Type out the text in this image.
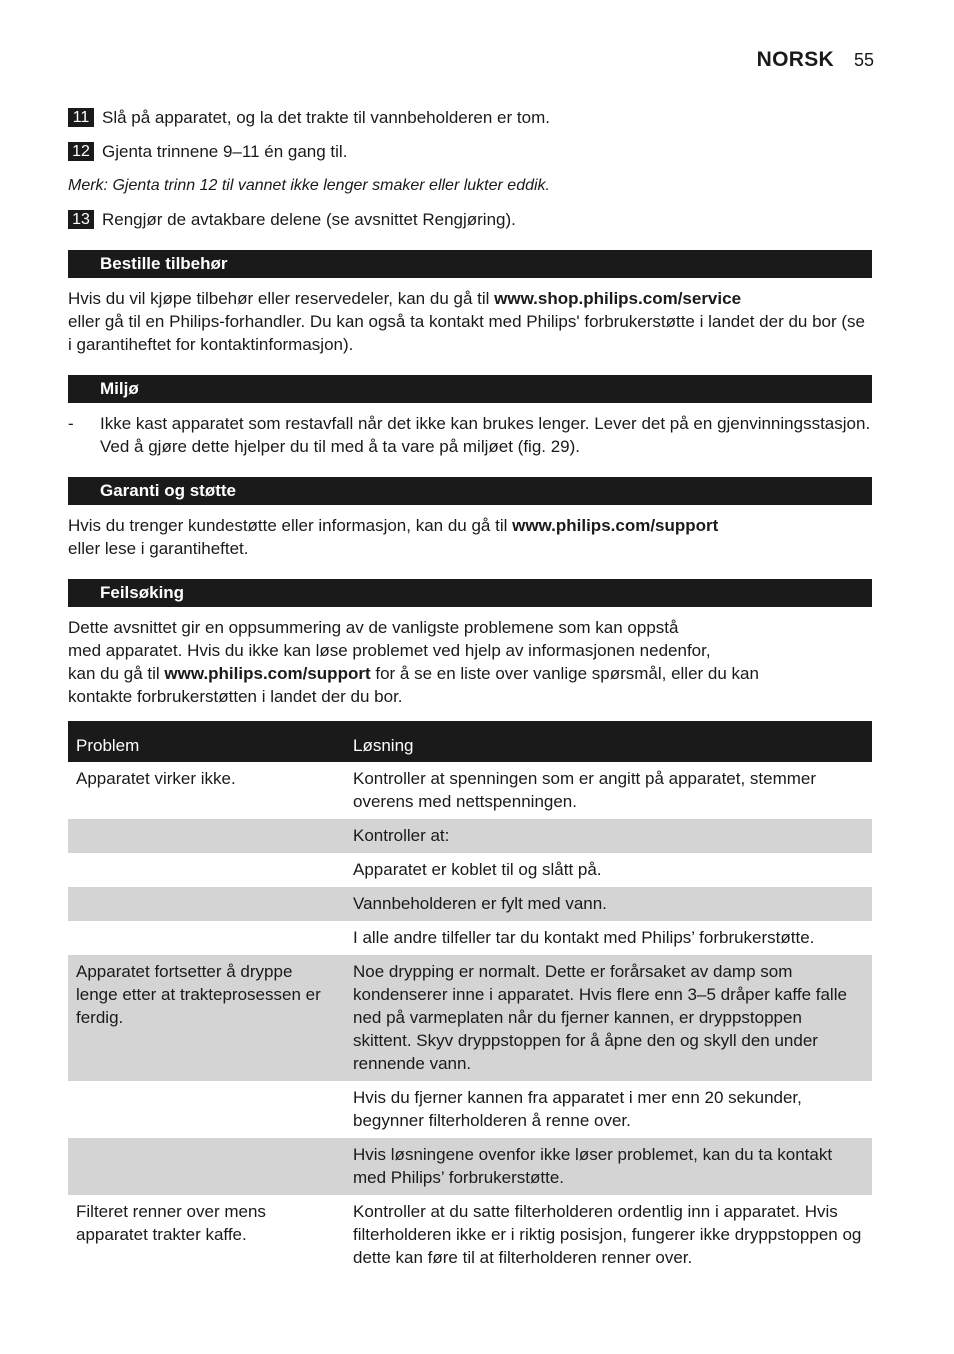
NORSK 55
11 Slå på apparatet, og la det trakte til vannbeholderen er tom.
12 Gjenta trinnene 9–11 én gang til.
Merk: Gjenta trinn 12 til vannet ikke lenger smaker eller lukter eddik.
13 Rengjør de avtakbare delene (se avsnittet Rengjøring).
Bestille tilbehør

Hvis du vil kjøpe tilbehør eller reservedeler, kan du gå til www.shop.philips.com/service
eller gå til en Philips-forhandler. Du kan også ta kontakt med Philips' forbrukerstøtte i landet der du bor (se i garantiheftet for kontaktinformasjon).

Miljø
-	Ikke kast apparatet som restavfall når det ikke kan brukes lenger. Lever det på en gjenvinningsstasjon. Ved å gjøre dette hjelper du til med å ta vare på miljøet (fig. 29).
Garanti og støtte

Hvis du trenger kundestøtte eller informasjon, kan du gå til www.philips.com/support
eller lese i garantiheftet.

Feilsøking

Dette avsnittet gir en oppsummering av de vanligste problemene som kan oppstå
med apparatet. Hvis du ikke kan løse problemet ved hjelp av informasjonen nedenfor,
kan du gå til www.philips.com/support for å se en liste over vanlige spørsmål, eller du kan
kontakte forbrukerstøtten i landet der du bor.

Problem	Løsning
Apparatet virker ikke.	Kontroller at spenningen som er angitt på apparatet, stemmer overens med nettspenningen.
	Kontroller at:
	Apparatet er koblet til og slått på.
	Vannbeholderen er fylt med vann.
	I alle andre tilfeller tar du kontakt med Philips’ forbrukerstøtte.
Apparatet fortsetter å dryppe lenge etter at trakteprosessen er ferdig.	Noe drypping er normalt. Dette er forårsaket av damp som kondenserer inne i apparatet. Hvis flere enn 3–5 dråper kaffe falle ned på varmeplaten når du fjerner kannen, er dryppstoppen skittent. Skyv dryppstoppen for å åpne den og skyll den under rennende vann.
	Hvis du fjerner kannen fra apparatet i mer enn 20 sekunder, begynner filterholderen å renne over.
	Hvis løsningene ovenfor ikke løser problemet, kan du ta kontakt med Philips’ forbrukerstøtte.
Filteret renner over mens apparatet trakter kaffe.	Kontroller at du satte filterholderen ordentlig inn i apparatet. Hvis filterholderen ikke er i riktig posisjon, fungerer ikke dryppstoppen og dette kan føre til at filterholderen renner over.
